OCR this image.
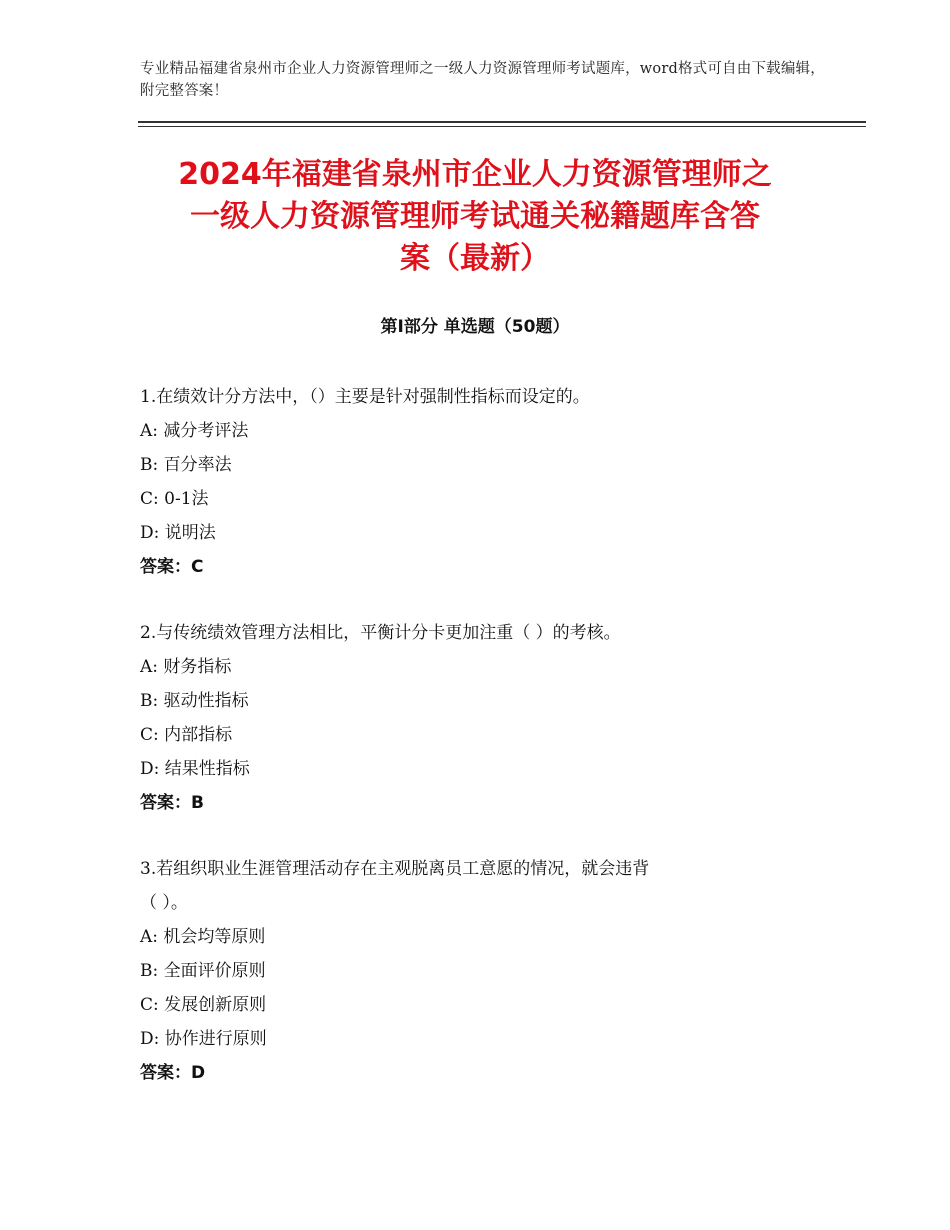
专业精品福建省泉州市企业人力资源管理师之一级人力资源管理师考试题库，word格式可自由下载编辑，附完整答案！
2024年福建省泉州市企业人力资源管理师之
一级人力资源管理师考试通关秘籍题库含答
案（最新）
第Ⅰ部分 单选题（50题）

1.在绩效计分方法中，（）主要是针对强制性指标而设定的。

A: 减分考评法

B: 百分率法

C: 0-1法

D: 说明法

答案：C

2.与传统绩效管理方法相比，平衡计分卡更加注重（ ）的考核。

A: 财务指标

B: 驱动性指标

C: 内部指标

D: 结果性指标

答案：B

3.若组织职业生涯管理活动存在主观脱离员工意愿的情况，就会违背

（ ）。

A: 机会均等原则

B: 全面评价原则

C: 发展创新原则

D: 协作进行原则

答案：D
